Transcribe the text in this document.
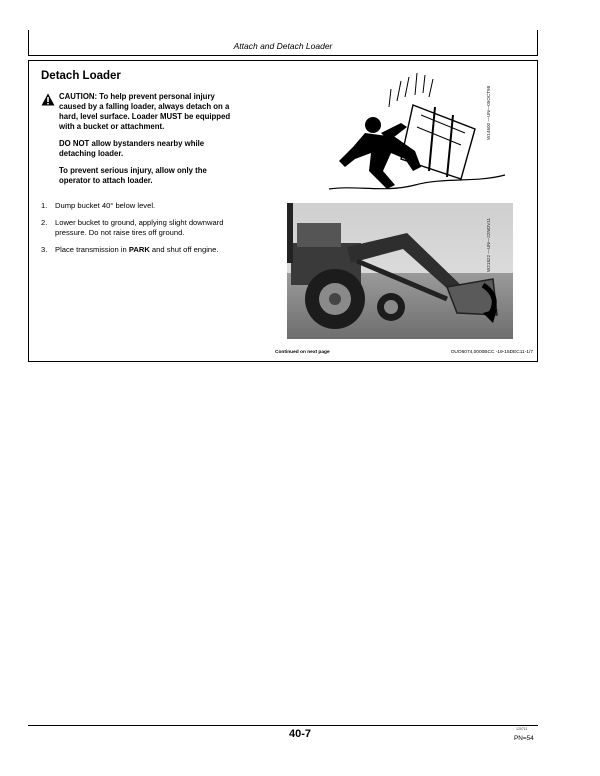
Attach and Detach Loader
Detach Loader
CAUTION: To help prevent personal injury
caused by a falling loader, always detach on a
hard, level surface. Loader MUST be equipped
with a bucket or attachment.
DO NOT allow bystanders nearby while
detaching loader.
To prevent serious injury, allow only the
operator to attach loader.
1. Dump bucket 40° below level.
2. Lower bucket to ground, applying slight downward
pressure. Do not raise tires off ground.
3. Place transmission in PARK and shut off engine.
Continued on next page	OUO6074,0000BCC -19-15DEC11-1/7
W14600 —UN—05OCT98
W21822 —UN—22NOV11
40-7	120711
PN=54
